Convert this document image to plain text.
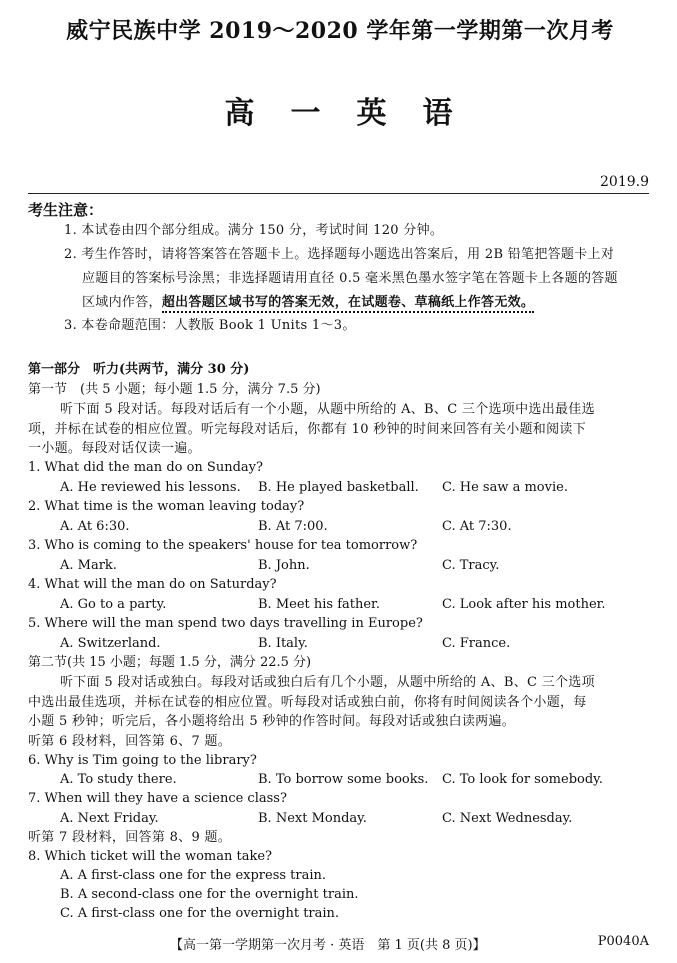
威宁民族中学 2019～2020 学年第一学期第一次月考
高一英语
2019.9
考生注意：
1. 本试卷由四个部分组成。满分 150 分，考试时间 120 分钟。
2. 考生作答时，请将答案答在答题卡上。选择题每小题选出答案后，用 2B 铅笔把答题卡上对
应题目的答案标号涂黑；非选择题请用直径 0.5 毫米黑色墨水签字笔在答题卡上各题的答题
区域内作答，超出答题区域书写的答案无效，在试题卷、草稿纸上作答无效。
3. 本卷命题范围：人教版 Book 1 Units 1～3。
第一部分　听力(共两节，满分 30 分)
第一节　(共 5 小题；每小题 1.5 分，满分 7.5 分)
听下面 5 段对话。每段对话后有一个小题，从题中所给的 A、B、C 三个选项中选出最佳选
项，并标在试卷的相应位置。听完每段对话后，你都有 10 秒钟的时间来回答有关小题和阅读下
一小题。每段对话仅读一遍。
1. What did the man do on Sunday?
A. He reviewed his lessons. B. He played basketball. C. He saw a movie.
2. What time is the woman leaving today?
A. At 6:30.	B. At 7:00.	C. At 7:30.
3. Who is coming to the speakers' house for tea tomorrow?
A. Mark.	B. John.	C. Tracy.
4. What will the man do on Saturday?
A. Go to a party.	B. Meet his father.	C. Look after his mother.
5. Where will the man spend two days travelling in Europe?
A. Switzerland.	B. Italy.	C. France.
第二节(共 15 小题；每题 1.5 分，满分 22.5 分)
听下面 5 段对话或独白。每段对话或独白后有几个小题，从题中所给的 A、B、C 三个选项
中选出最佳选项，并标在试卷的相应位置。听每段对话或独白前，你将有时间阅读各个小题，每
小题 5 秒钟；听完后，各小题将给出 5 秒钟的作答时间。每段对话或独白读两遍。
听第 6 段材料，回答第 6、7 题。
6. Why is Tim going to the library?
A. To study there.	B. To borrow some books. C. To look for somebody.
7. When will they have a science class?
A. Next Friday.	B. Next Monday.	C. Next Wednesday.
听第 7 段材料，回答第 8、9 题。
8. Which ticket will the woman take?
A. A first-class one for the express train.
B. A second-class one for the overnight train.
C. A first-class one for the overnight train.
【高一第一学期第一次月考 · 英语　第 1 页(共 8 页)】	P0040A
